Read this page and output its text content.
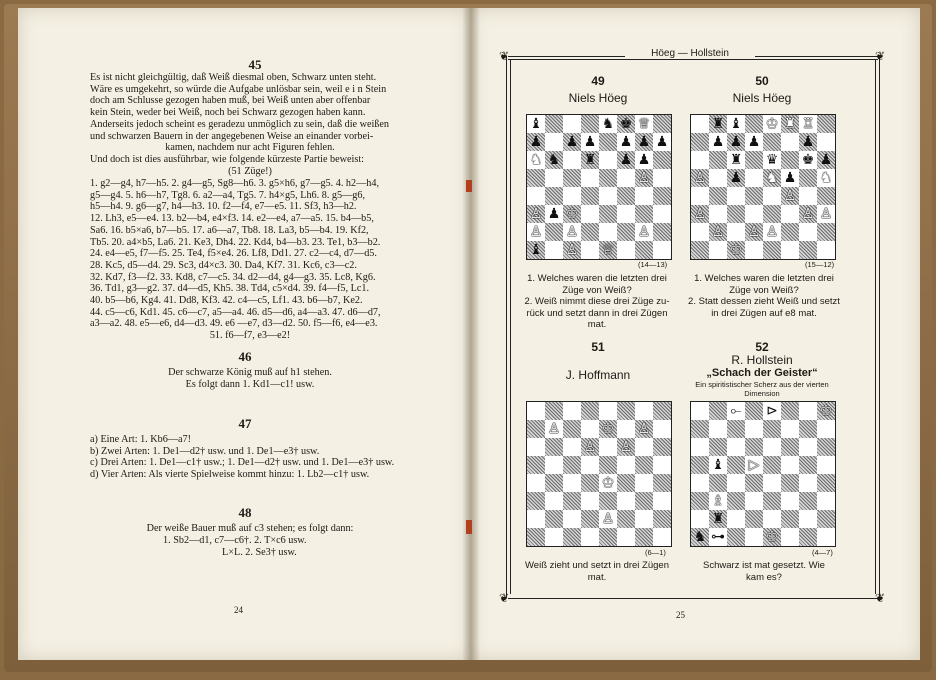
45
Es ist nicht gleichgültig, daß Weiß diesmal oben, Schwarz unten steht.
Wäre es umgekehrt, so würde die Aufgabe unlösbar sein, weil e i n Stein
doch am Schlusse gezogen haben muß, bei Weiß unten aber offenbar
kein Stein, weder bei Weiß, noch bei Schwarz gezogen haben kann.
Anderseits jedoch scheint es geradezu unmöglich zu sein, daß die weißen
und schwarzen Bauern in der angegebenen Weise an einander vorbei-
kamen, nachdem nur acht Figuren fehlen.
Und doch ist dies ausführbar, wie folgende kürzeste Partie beweist:
(51 Züge!)
1. g2—g4, h7—h5. 2. g4—g5, Sg8—h6. 3. g5×h6, g7—g5. 4. h2—h4,
g5—g4. 5. h6—h7, Tg8. 6. a2—a4, Tg5. 7. h4×g5, Lh6. 8. g5—g6,
h5—h4. 9. g6—g7, h4—h3. 10. f2—f4, e7—e5. 11. Sf3, h3—h2.
12. Lh3, e5—e4. 13. b2—b4, e4×f3. 14. e2—e4, a7—a5. 15. b4—b5,
Sa6. 16. b5×a6, b7—b5. 17. a6—a7, Tb8. 18. La3, b5—b4. 19. Kf2,
Tb5. 20. a4×b5, La6. 21. Ke3, Dh4. 22. Kd4, b4—b3. 23. Te1, b3—b2.
24. e4—e5, f7—f5. 25. Te4, f5×e4. 26. Lf8, Dd1. 27. c2—c4, d7—d5.
28. Kc5, d5—d4. 29. Sc3, d4×c3. 30. Da4, Kf7. 31. Kc6, c3—c2.
32. Kd7, f3—f2. 33. Kd8, c7—c5. 34. d2—d4, g4—g3. 35. Lc8, Kg6.
36. Td1, g3—g2. 37. d4—d5, Kh5. 38. Td4, c5×d4. 39. f4—f5, Lc1.
40. b5—b6, Kg4. 41. Dd8, Kf3. 42. c4—c5, Lf1. 43. b6—b7, Ke2.
44. c5—c6, Kd1. 45. c6—c7, a5—a4. 46. d5—d6, a4—a3. 47. d6—d7,
a3—a2. 48. e5—e6, d4—d3. 49. e6 —e7, d3—d2. 50. f5—f6, e4—e3.
51. f6—f7, e3—e2!
46
Der schwarze König muß auf h1 stehen.
Es folgt dann 1. Kd1—c1! usw.
47
a) Eine Art: 1. Kb6—a7!
b) Zwei Arten: 1. De1—d2† usw. und 1. De1—e3† usw.
c) Drei Arten: 1. De1—c1† usw.; 1. De1—d2† usw. und 1. De1—e3† usw.
d) Vier Arten: Als vierte Spielweise kommt hinzu: 1. Lb2—c1† usw.
48
Der weiße Bauer muß auf c3 stehen; es folgt dann:
1. Sb2—d1, c7—c6†. 2. T×c6 usw.
L×L. 2. Se3† usw.
24
❦	❦
❦	❦
Höeg — Hollstein
25
49
Niels Höeg
♝	♞ ♚ ♕
♟ ♟ ♟ ♟ ♟ ♟
♞ ♞ ♜ ♟ ♟
♙
♙ ♟ ♔
♙ ♙	♙
♝ ♙ ♕
(14—13)
1. Welches waren die letzten drei
Züge von Weiß?
2. Weiß nimmt diese drei Züge zu-
rück und setzt dann in drei Zügen
mat.
50
Niels Höeg
♜ ♝ ♚ ♜ ♖
♟ ♟ ♟	♟
♜ ♛ ♚ ♟
♙ ♟ ♞ ♟ ♞
♙
♙	♙ ♙
♙ ♙ ♙
♔
(15—12)
1. Welches waren die letzten drei
Züge von Weiß?
2. Statt dessen zieht Weiß und setzt
in drei Zügen auf e8 mat.
51
J. Hoffmann
♙	♔ ♙
♙ ♙
♚
♙
(6—1)
Weiß zieht und setzt in drei Zügen
mat.
52
R. Hollstein
„Schach der Geister“
Ein spiritistischer Scherz aus der vierten
Dimension
⟜ ⊳	♔
♝ ▷
♗
♜
♞ ⊶	♔
(4—7)
Schwarz ist mat gesetzt. Wie
kam es?
